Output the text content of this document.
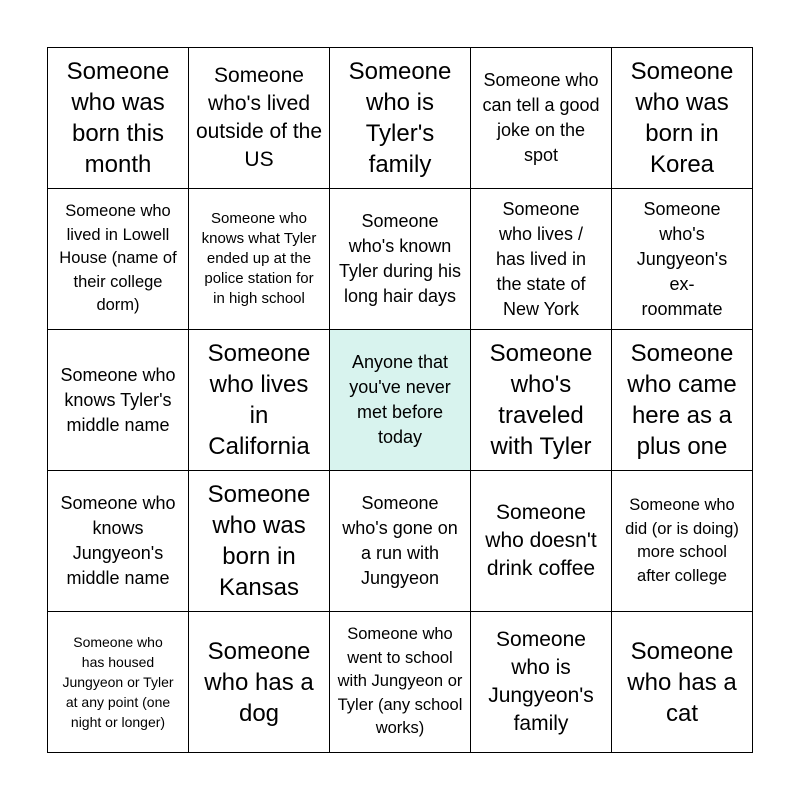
Someone who was born this month
Someone who's lived outside of the US
Someone who is Tyler's family
Someone who can tell a good joke on the spot
Someone who was born in Korea
Someone who lived in Lowell House (name of their college dorm)
Someone who knows what Tyler ended up at the police station for in high school
Someone who's known Tyler during his long hair days
Someone who lives / has lived in the state of New York
Someone who's Jungyeon's ex-roommate
Someone who knows Tyler's middle name
Someone who lives in California
Anyone that you've never met before today
Someone who's traveled with Tyler
Someone who came here as a plus one
Someone who knows Jungyeon's middle name
Someone who was born in Kansas
Someone who's gone on a run with Jungyeon
Someone who doesn't drink coffee
Someone who did (or is doing) more school after college
Someone who has housed Jungyeon or Tyler at any point (one night or longer)
Someone who has a dog
Someone who went to school with Jungyeon or Tyler (any school works)
Someone who is Jungyeon's family
Someone who has a cat
